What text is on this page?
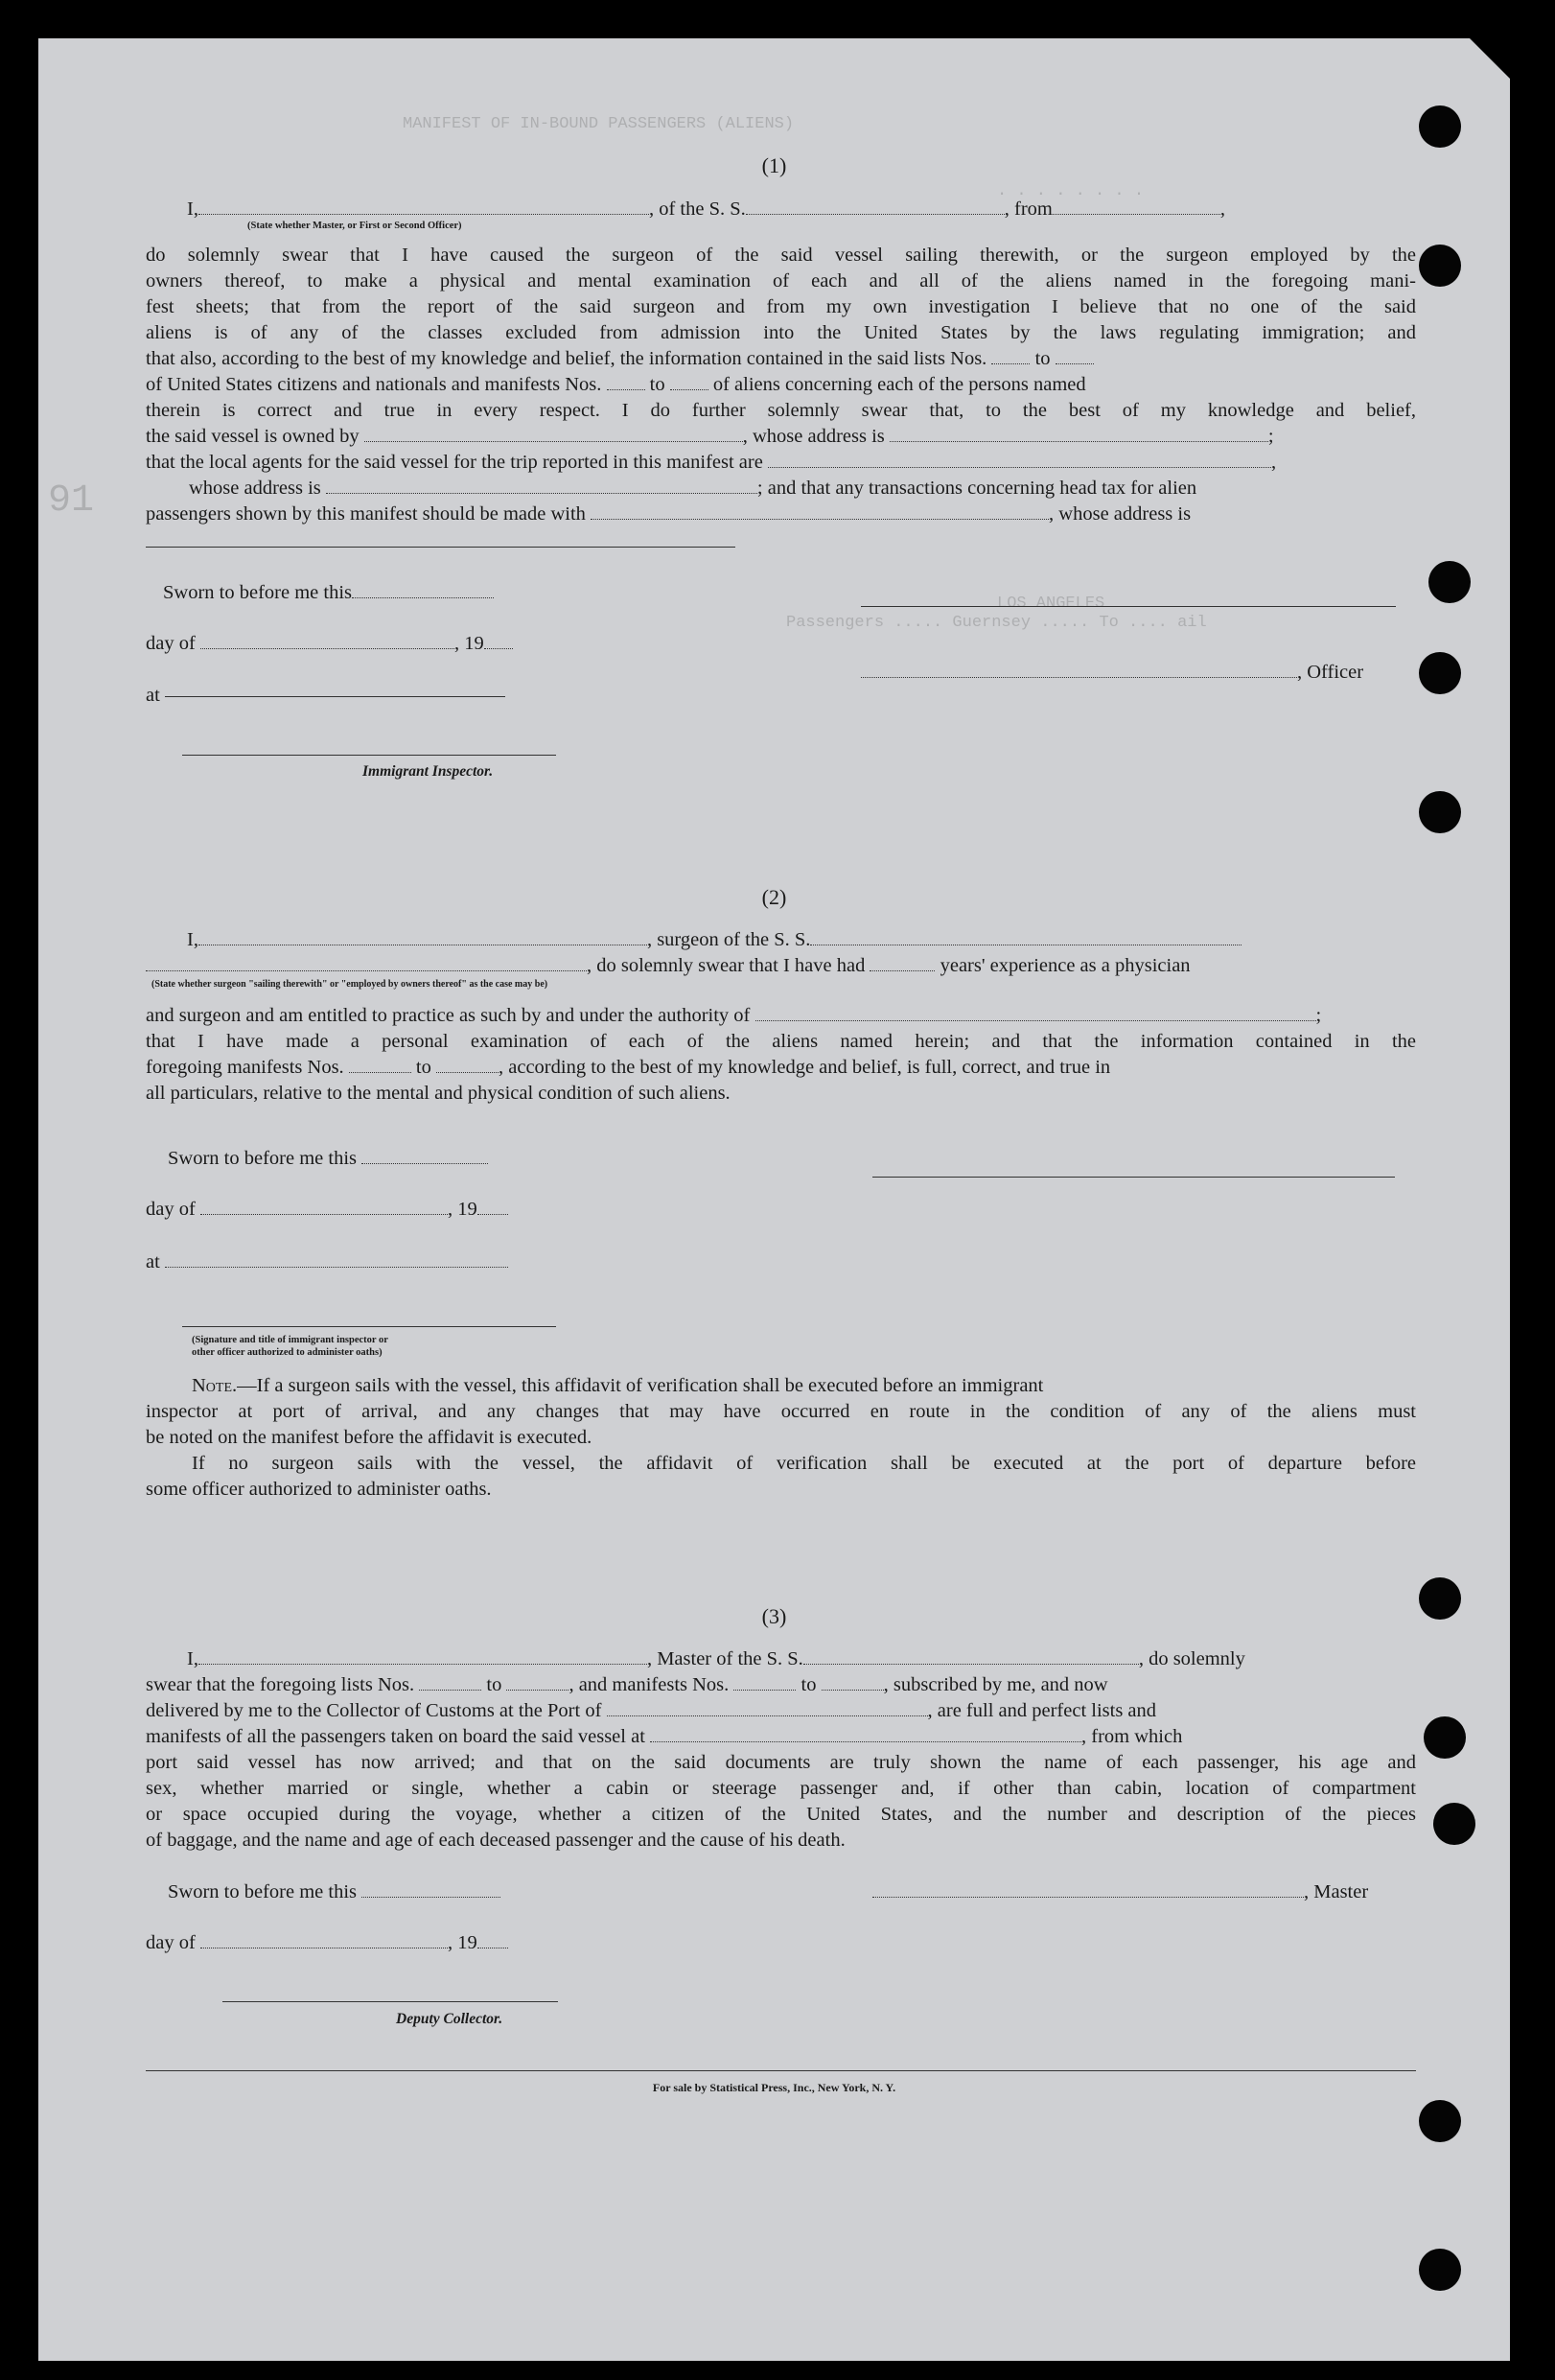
MANIFEST OF IN-BOUND PASSENGERS (ALIENS)
. . . . . . . .
91
Passengers ..... Guernsey ..... To .... ail
LOS ANGELES
(1)
I,	, of the S. S.	, from	,
(State whether Master, or First or Second Officer)
do solemnly swear that I have caused the surgeon of the said vessel sailing therewith, or the surgeon employed by the
owners thereof, to make a physical and mental examination of each and all of the aliens named in the foregoing mani-
fest sheets; that from the report of the said surgeon and from my own investigation I believe that no one of the said
aliens is of any of the classes excluded from admission into the United States by the laws regulating immigration; and
that also, according to the best of my knowledge and belief, the information contained in the said lists Nos. to
of United States citizens and nationals and manifests Nos. to of aliens concerning each of the persons named
therein is correct and true in every respect. I do further solemnly swear that, to the best of my knowledge and belief,
the said vessel is owned by	, whose address is	;
that the local agents for the said vessel for the trip reported in this manifest are	,
whose address is	; and that any transactions concerning head tax for alien
passengers shown by this manifest should be made with	, whose address is
Sworn to before me this
day of	, 19
, Officer
at
Immigrant Inspector.
(2)
I,	, surgeon of the S. S.
, do solemnly swear that I have had	years' experience as a physician
(State whether surgeon "sailing therewith" or "employed by owners thereof" as the case may be)
and surgeon and am entitled to practice as such by and under the authority of	;
that I have made a personal examination of each of the aliens named herein; and that the information contained in the
foregoing manifests Nos.	to	, according to the best of my knowledge and belief, is full, correct, and true in
all particulars, relative to the mental and physical condition of such aliens.
Sworn to before me this
day of	, 19
at
(Signature and title of immigrant inspector or
other officer authorized to administer oaths)
Note.—If a surgeon sails with the vessel, this affidavit of verification shall be executed before an immigrant
inspector at port of arrival, and any changes that may have occurred en route in the condition of any of the aliens must
be noted on the manifest before the affidavit is executed.
If no surgeon sails with the vessel, the affidavit of verification shall be executed at the port of departure before
some officer authorized to administer oaths.
(3)
I,	, Master of the S. S.	, do solemnly
swear that the foregoing lists Nos.	to	, and manifests Nos.	to	, subscribed by me, and now
delivered by me to the Collector of Customs at the Port of	, are full and perfect lists and
manifests of all the passengers taken on board the said vessel at	, from which
port said vessel has now arrived; and that on the said documents are truly shown the name of each passenger, his age and
sex, whether married or single, whether a cabin or steerage passenger and, if other than cabin, location of compartment
or space occupied during the voyage, whether a citizen of the United States, and the number and description of the pieces
of baggage, and the name and age of each deceased passenger and the cause of his death.
Sworn to before me this	, Master
day of	, 19
Deputy Collector.
For sale by Statistical Press, Inc., New York, N. Y.
